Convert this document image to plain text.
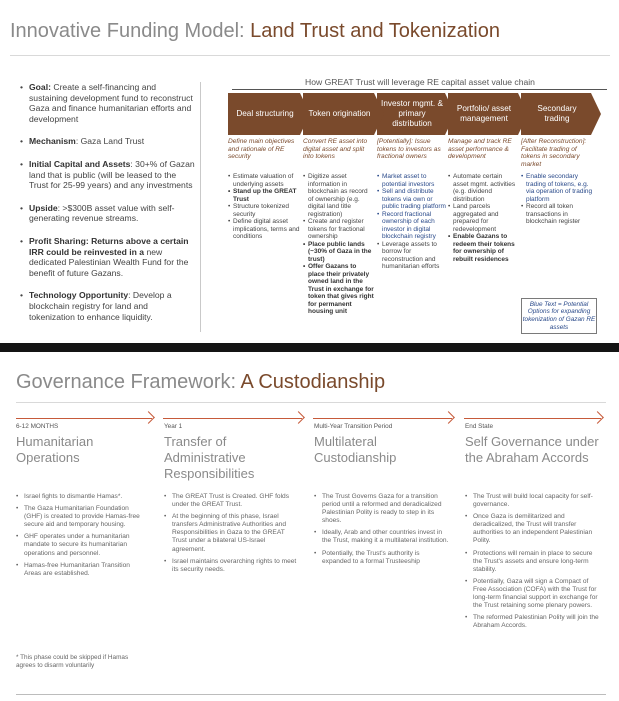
Innovative Funding Model: Land Trust and Tokenization
• Goal: Create a self-financing and sustaining development fund to reconstruct Gaza and finance humanitarian efforts and development
• Mechanism: Gaza Land Trust
• Initial Capital and Assets: 30+% of Gazan land that is public (will be leased to the Trust for 25-99 years) and any investments
• Upside: >$300B asset value with self-generating revenue streams.
• Profit Sharing: Returns above a certain IRR could be reinvested in a new dedicated Palestinian Wealth Fund for the benefit of future Gazans.
• Technology Opportunity: Develop a blockchain registry for land and tokenization to enhance liquidity.
How GREAT Trust will leverage RE capital asset value chain
Deal structuring	Token origination
Investor mgmt. & primary distribution
Portfolio/ asset management
Secondary trading
Define main objectives and rationale of RE security
Convert RE asset into digital asset and split into tokens
[Potentially]: Issue tokens to investors as fractional owners
Manage and track RE asset performance & development
[After Reconstruction]: Facilitate trading of tokens in secondary market
• Estimate valuation of underlying assets
• Stand up the GREAT Trust
• Structure tokenized security
• Define digital asset implications, terms and conditions
• Digitize asset information in blockchain as record of ownership (e.g. digital land title registration)
• Create and register tokens for fractional ownership
• Place public lands (~30% of Gaza in the trust)
• Offer Gazans to place their privately owned land in the Trust in exchange for token that gives right for permanent housing unit
• Market asset to potential investors
• Sell and distribute tokens via own or public trading platform
• Record fractional ownership of each investor in digital blockchain registry
• Leverage assets to borrow for reconstruction and humanitarian efforts
• Automate certain asset mgmt. activities (e.g. dividend distribution
• Land parcels aggregated and prepared for redevelopment
• Enable Gazans to redeem their tokens for ownership of rebuilt residences
• Enable secondary trading of tokens, e.g. via operation of trading platform
• Record all token transactions in blockchain register
Blue Text = Potential Options for expanding tokenization of Gazan RE assets
Governance Framework: A Custodianship
6-12 MONTHS
Humanitarian Operations
Year 1
Transfer of Administrative Responsibilities
Multi-Year Transition Period
Multilateral Custodianship
End State
Self Governance under the Abraham Accords
• Israel fights to dismantle Hamas*.
• The Gaza Humanitarian Foundation (GHF) is created to provide Hamas-free secure aid and temporary housing.
• GHF operates under a humanitarian mandate to secure its humanitarian operations and personnel.
• Hamas-free Humanitarian Transition Areas are established.
• The GREAT Trust is Created. GHF folds under the GREAT Trust.
• At the beginning of this phase, Israel transfers Administrative Authorities and Responsibilities in Gaza to the GREAT Trust under a bilateral US-Israel agreement.
• Israel maintains overarching rights to meet its security needs.
• The Trust Governs Gaza for a transition period until a reformed and deradicalized Palestinian Polity is ready to step in its shoes.
• Ideally, Arab and other countries invest in the Trust, making it a multilateral institution.
• Potentially, the Trust's authority is expanded to a formal Trusteeship
• The Trust will build local capacity for self-governance.
• Once Gaza is demilitarized and deradicalized, the Trust will transfer authorities to an independent Palestinian Polity.
• Protections will remain in place to secure the Trust's assets and ensure long-term stability.
• Potentially, Gaza will sign a Compact of Free Association (COFA) with the Trust for long-term financial support in exchange for the Trust retaining some plenary powers.
• The reformed Palestinian Polity will join the Abraham Accords.
* This phase could be skipped if Hamas agrees to disarm voluntarily
